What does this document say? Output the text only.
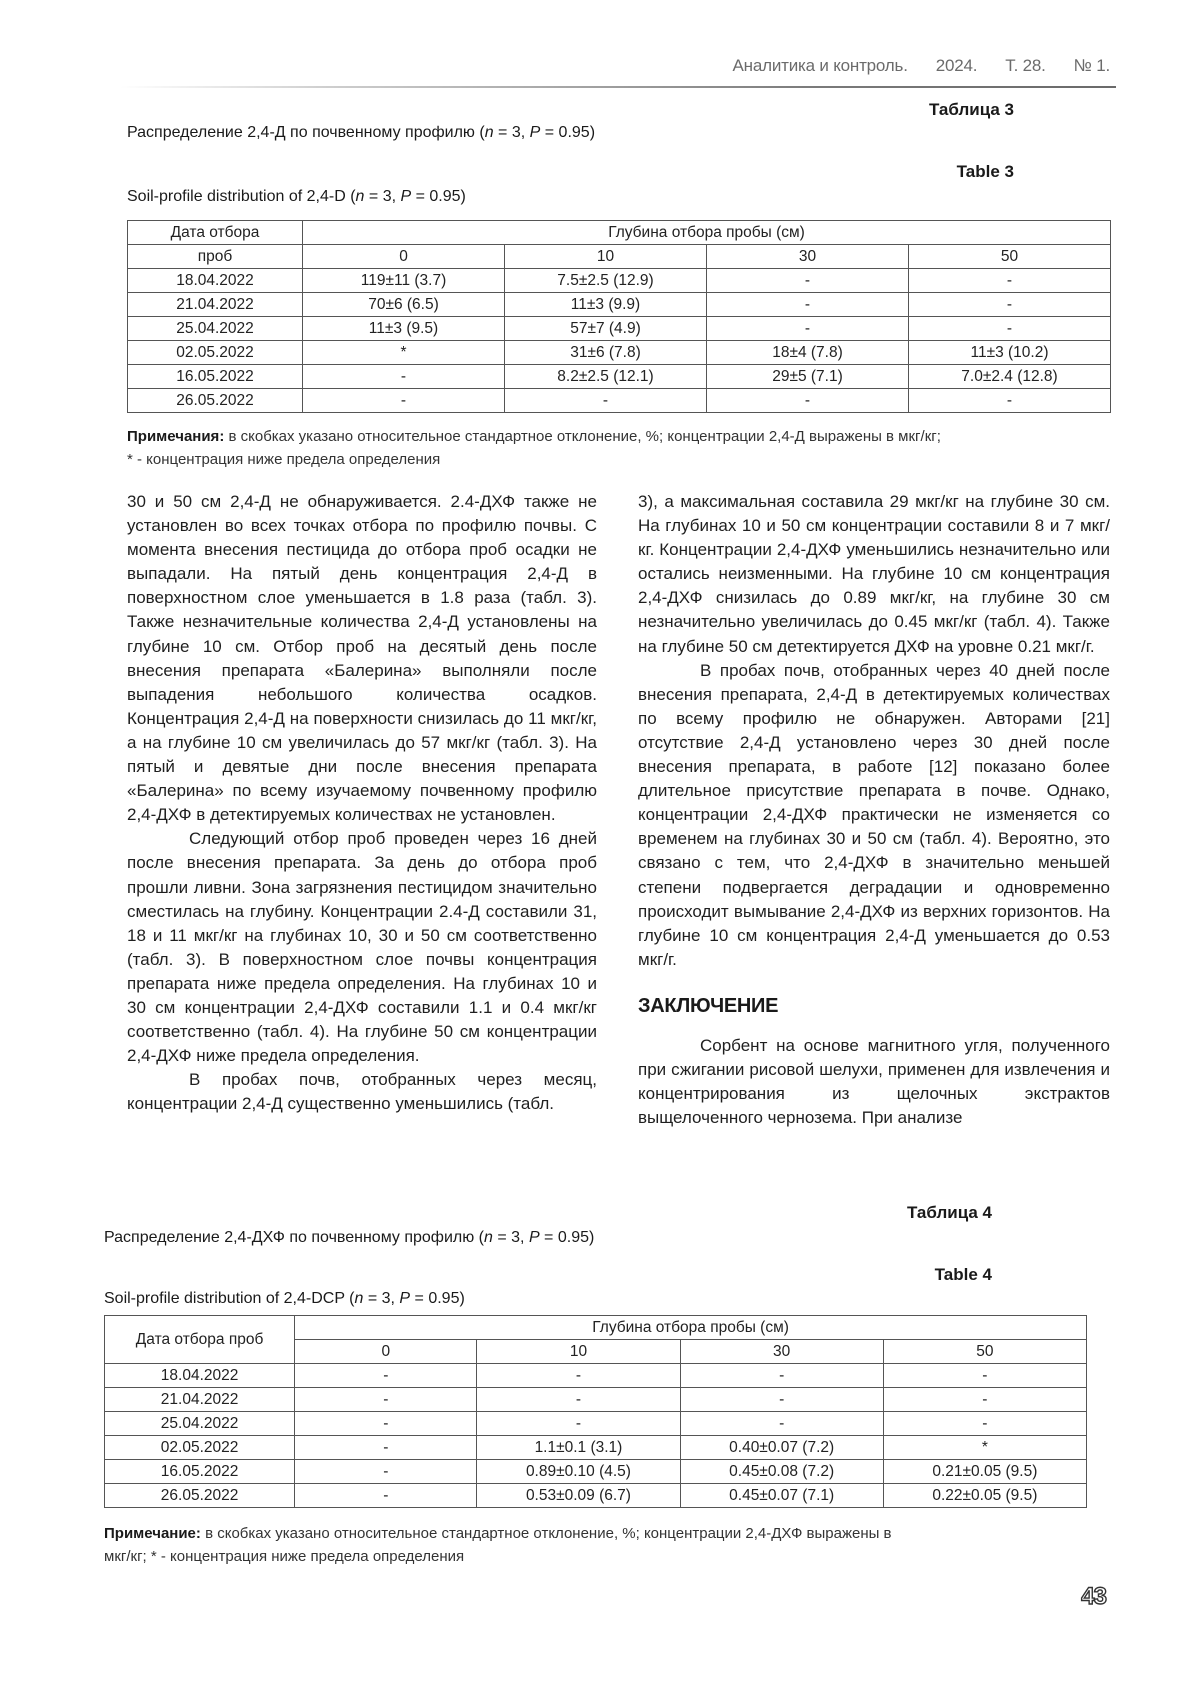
Аналитика и контроль. 2024. Т. 28. № 1.
Таблица 3
Распределение 2,4-Д по почвенному профилю (n = 3, P = 0.95)
Table 3
Soil-profile distribution of 2,4-D (n = 3, P = 0.95)
Дата отбора	Глубина отбора пробы (см)			
проб	0	10	30	50
18.04.2022	119±11 (3.7)	7.5±2.5 (12.9)	-	-
21.04.2022	70±6 (6.5)	11±3 (9.9)	-	-
25.04.2022	11±3 (9.5)	57±7 (4.9)	-	-
02.05.2022	*	31±6 (7.8)	18±4 (7.8)	11±3 (10.2)
16.05.2022	-	8.2±2.5 (12.1)	29±5 (7.1)	7.0±2.4 (12.8)
26.05.2022	-	-	-	-
Примечания: в скобках указано относительное стандартное отклонение, %; концентрации 2,4-Д выражены в мкг/кг;
* - концентрация ниже предела определения

30 и 50 см 2,4-Д не обнаруживается. 2.4-ДХФ также не установлен во всех точках отбора по профилю почвы. С момента внесения пестицида до отбора проб осадки не выпадали. На пятый день концентрация 2,4-Д в поверхностном слое уменьшается в 1.8 раза (табл. 3). Также незначительные количества 2,4-Д установлены на глубине 10 см. Отбор проб на десятый день после внесения препарата «Балерина» выполняли после выпадения небольшого количества осадков. Концентрация 2,4-Д на поверхности снизилась до 11 мкг/кг, а на глубине 10 см увеличилась до 57 мкг/кг (табл. 3). На пятый и девятые дни после внесения препарата «Балерина» по всему изучаемому почвенному профилю 2,4-ДХФ в детектируемых количествах не установлен.

Следующий отбор проб проведен через 16 дней после внесения препарата. За день до отбора проб прошли ливни. Зона загрязнения пестицидом значительно сместилась на глубину. Концентрации 2.4-Д составили 31, 18 и 11 мкг/кг на глубинах 10, 30 и 50 см соответственно (табл. 3). В поверхностном слое почвы концентрация препарата ниже предела определения. На глубинах 10 и 30 см концентрации 2,4-ДХФ составили 1.1 и 0.4 мкг/кг соответственно (табл. 4). На глубине 50 см концентрации 2,4-ДХФ ниже предела определения.

В пробах почв, отобранных через месяц, концентрации 2,4-Д существенно уменьшились (табл.

3), а максимальная составила 29 мкг/кг на глубине 30 см. На глубинах 10 и 50 см концентрации составили 8 и 7 мкг/кг. Концентрации 2,4-ДХФ уменьшились незначительно или остались неизменными. На глубине 10 см концентрация 2,4-ДХФ снизилась до 0.89 мкг/кг, на глубине 30 см незначительно увеличилась до 0.45 мкг/кг (табл. 4). Также на глубине 50 см детектируется ДХФ на уровне 0.21 мкг/г.

В пробах почв, отобранных через 40 дней после внесения препарата, 2,4-Д в детектируемых количествах по всему профилю не обнаружен. Авторами [21] отсутствие 2,4-Д установлено через 30 дней после внесения препарата, в работе [12] показано более длительное присутствие препарата в почве. Однако, концентрации 2,4-ДХФ практически не изменяется со временем на глубинах 30 и 50 см (табл. 4). Вероятно, это связано с тем, что 2,4-ДХФ в значительно меньшей степени подвергается деградации и одновременно происходит вымывание 2,4-ДХФ из верхних горизонтов. На глубине 10 см концентрация 2,4-Д уменьшается до 0.53 мкг/г.

ЗАКЛЮЧЕНИЕ

Сорбент на основе магнитного угля, полученного при сжигании рисовой шелухи, применен для извлечения и концентрирования из щелочных экстрактов выщелоченного чернозема. При анализе

Таблица 4
Распределение 2,4-ДХФ по почвенному профилю (n = 3, P = 0.95)
Table 4
Soil-profile distribution of 2,4-DCP (n = 3, P = 0.95)
Дата отбора проб	Глубина отбора пробы (см)			
	0	10	30	50
18.04.2022	-	-	-	-
21.04.2022	-	-	-	-
25.04.2022	-	-	-	-
02.05.2022	-	1.1±0.1 (3.1)	0.40±0.07 (7.2)	*
16.05.2022	-	0.89±0.10 (4.5)	0.45±0.08 (7.2)	0.21±0.05 (9.5)
26.05.2022	-	0.53±0.09 (6.7)	0.45±0.07 (7.1)	0.22±0.05 (9.5)
Примечание: в скобках указано относительное стандартное отклонение, %; концентрации 2,4-ДХФ выражены в
мкг/кг; * - концентрация ниже предела определения
43
